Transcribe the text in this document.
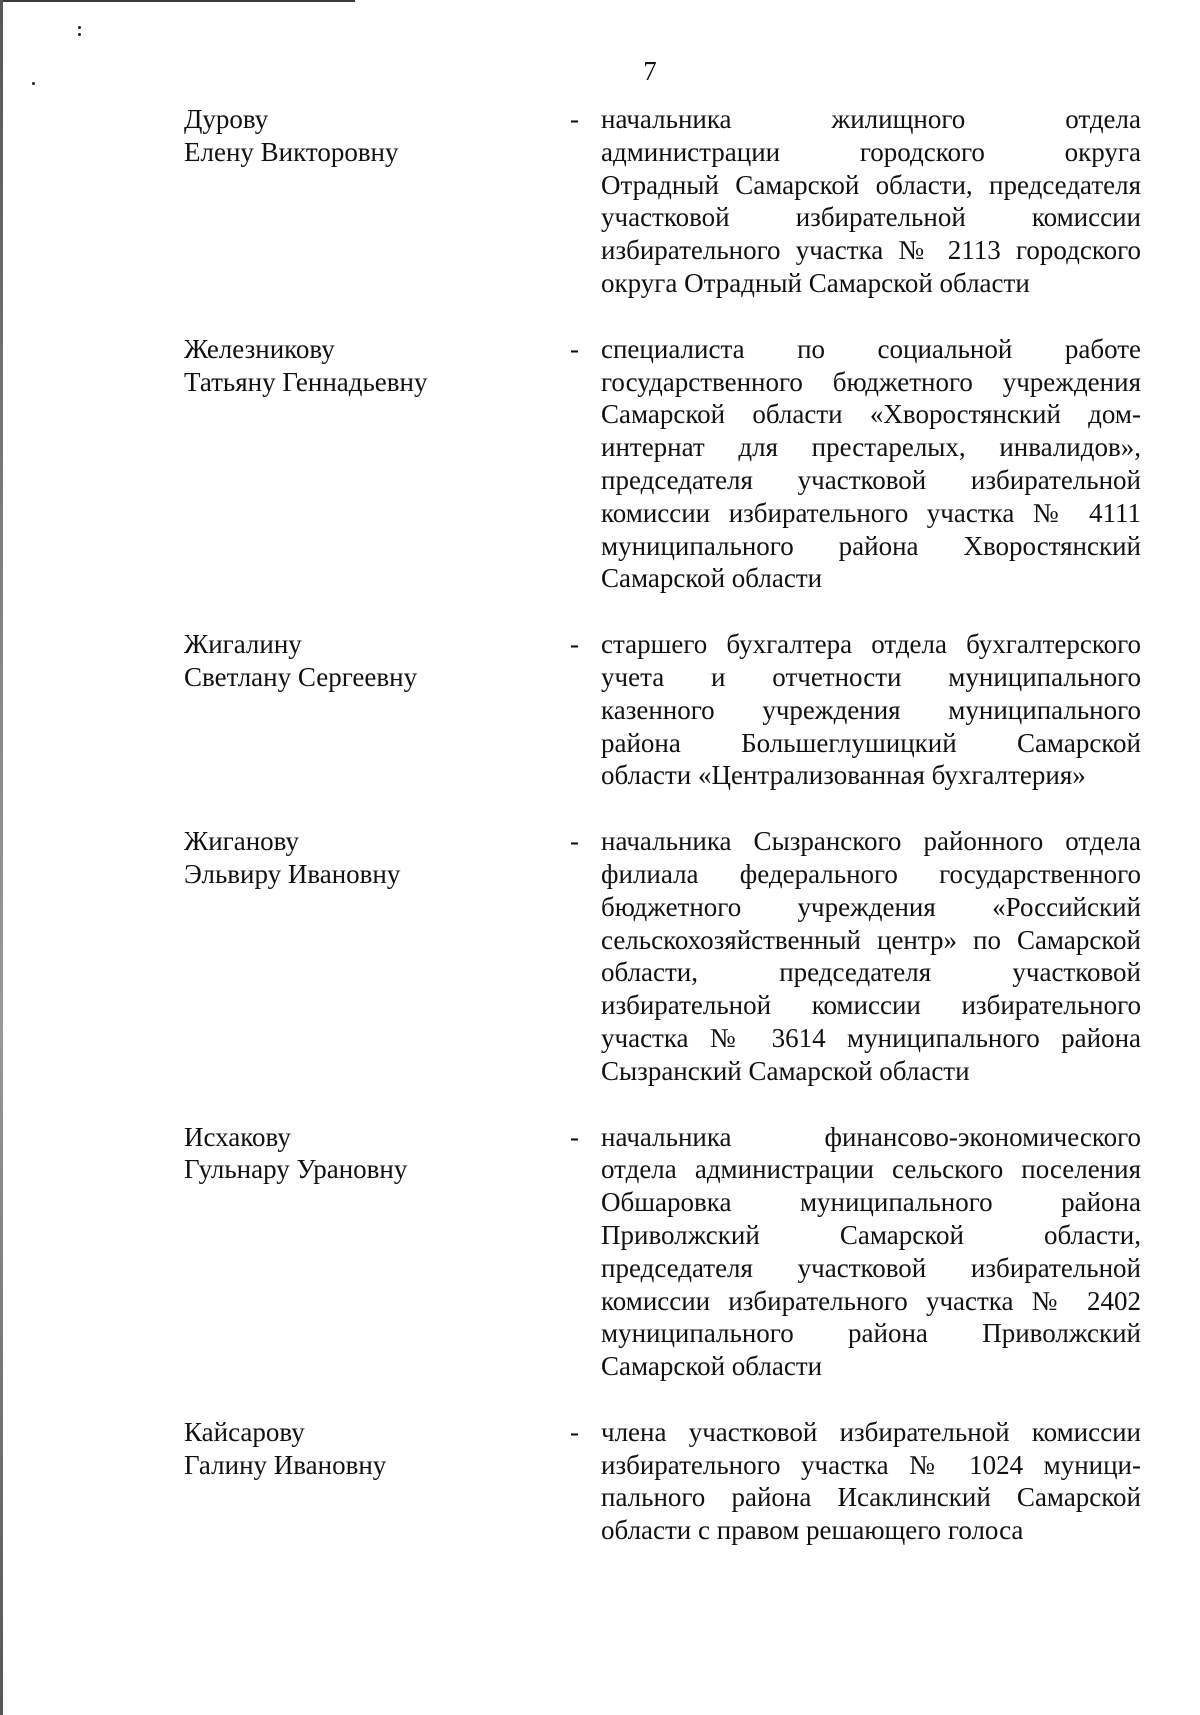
7
Дурову
Елену Викторовну
- начальника жилищного отдела
администрации городского округа
Отрадный Самарской области, председателя
участковой избирательной комиссии
избирательного участка № 2113 городского
округа Отрадный Самарской области
Железникову
Татьяну Геннадьевну
- специалиста по социальной работе
государственного бюджетного учреждения
Самарской области «Хворостянский дом-
интернат для престарелых, инвалидов»,
председателя участковой избирательной
комиссии избирательного участка № 4111
муниципального района Хворостянский
Самарской области
Жигалину
Светлану Сергеевну
- старшего бухгалтера отдела бухгалтерского
учета и отчетности муниципального
казенного учреждения муниципального
района Большеглушицкий Самарской
области «Централизованная бухгалтерия»
Жиганову
Эльвиру Ивановну
- начальника Сызранского районного отдела
филиала федерального государственного
бюджетного учреждения «Российский
сельскохозяйственный центр» по Самарской
области, председателя участковой
избирательной комиссии избирательного
участка № 3614 муниципального района
Сызранский Самарской области
Исхакову
Гульнару Урановну
- начальника финансово-экономического
отдела администрации сельского поселения
Обшаровка муниципального района
Приволжский Самарской области,
председателя участковой избирательной
комиссии избирательного участка № 2402
муниципального района Приволжский
Самарской области
Кайсарову
Галину Ивановну
- члена участковой избирательной комиссии
избирательного участка № 1024 муници-
пального района Исаклинский Самарской
области с правом решающего голоса
